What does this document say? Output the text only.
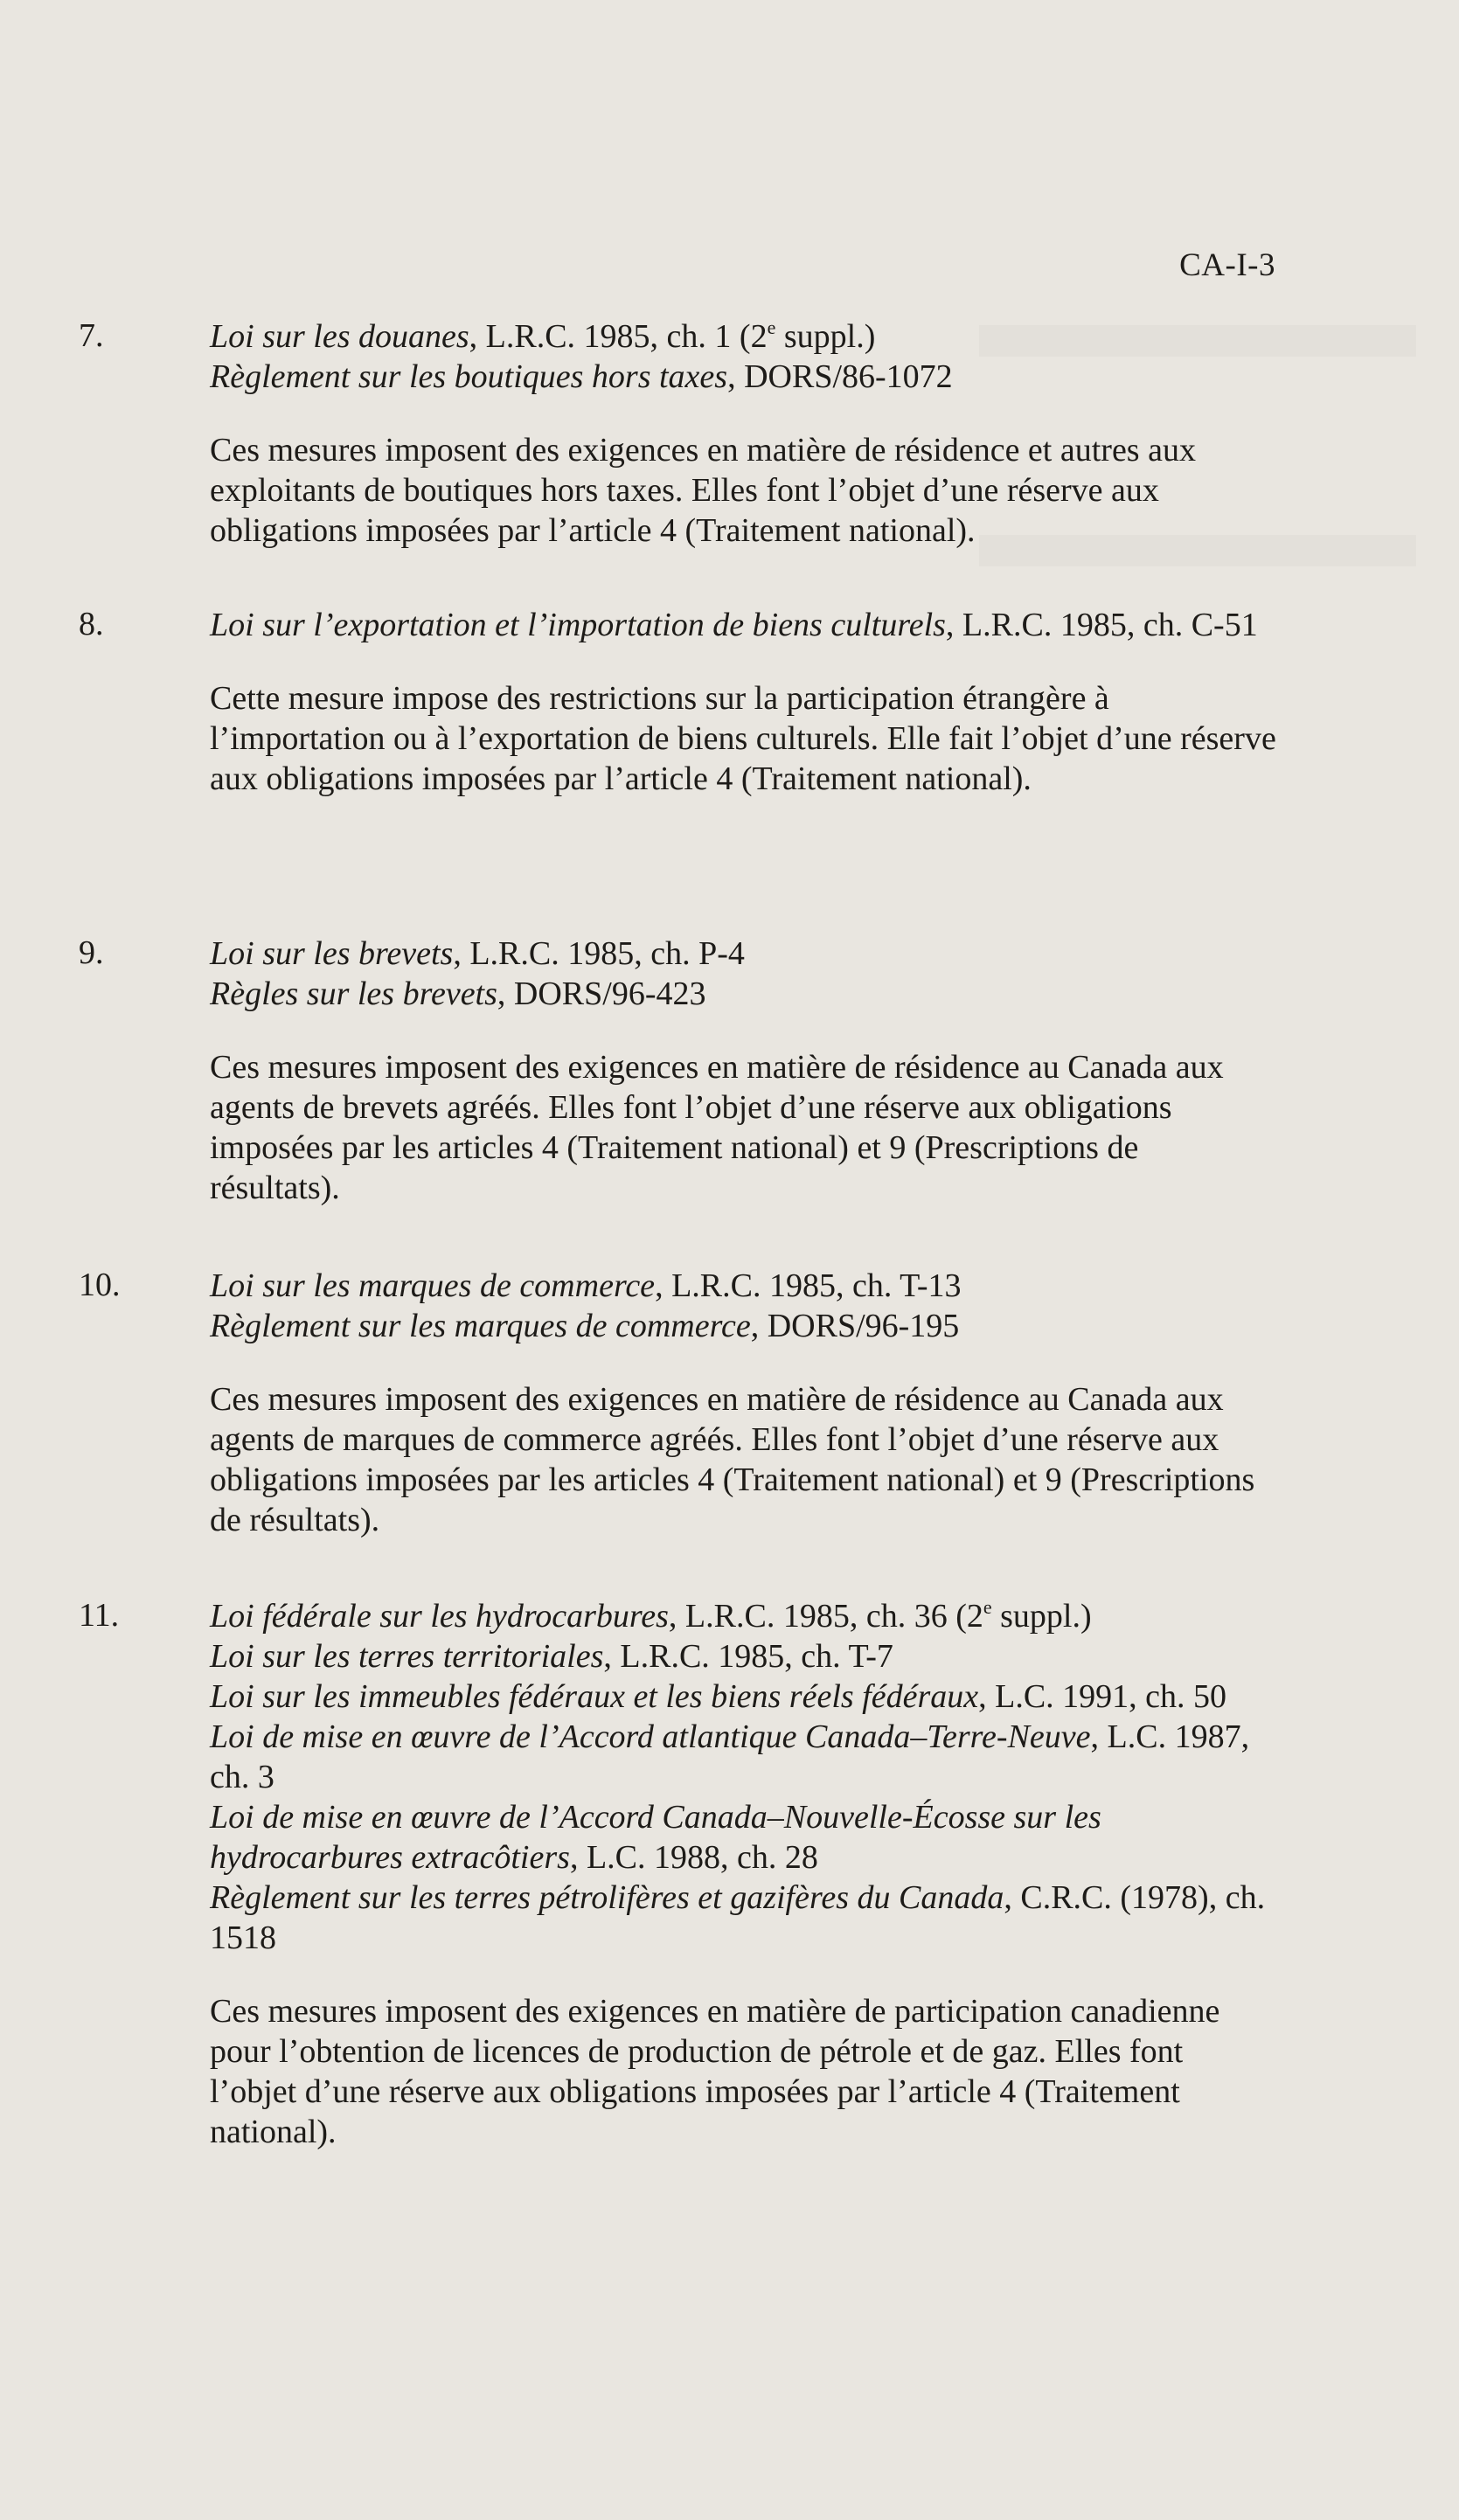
CA-I-3
7.	Loi sur les douanes, L.R.C. 1985, ch. 1 (2e suppl.)
Règlement sur les boutiques hors taxes, DORS/86-1072
Ces mesures imposent des exigences en matière de résidence et autres aux exploitants de boutiques hors taxes. Elles font l’objet d’une réserve aux obligations imposées par l’article 4 (Traitement national).
8.	Loi sur l’exportation et l’importation de biens culturels, L.R.C. 1985, ch. C-51
Cette mesure impose des restrictions sur la participation étrangère à l’importation ou à l’exportation de biens culturels. Elle fait l’objet d’une réserve aux obligations imposées par l’article 4 (Traitement national).
9.	Loi sur les brevets, L.R.C. 1985, ch. P-4
Règles sur les brevets, DORS/96-423
Ces mesures imposent des exigences en matière de résidence au Canada aux agents de brevets agréés. Elles font l’objet d’une réserve aux obligations imposées par les articles 4 (Traitement national) et 9 (Prescriptions de résultats).
10.	Loi sur les marques de commerce, L.R.C. 1985, ch. T-13
Règlement sur les marques de commerce, DORS/96-195
Ces mesures imposent des exigences en matière de résidence au Canada aux agents de marques de commerce agréés. Elles font l’objet d’une réserve aux obligations imposées par les articles 4 (Traitement national) et 9 (Prescriptions de résultats).
11.	Loi fédérale sur les hydrocarbures, L.R.C. 1985, ch. 36 (2e suppl.)
Loi sur les terres territoriales, L.R.C. 1985, ch. T-7
Loi sur les immeubles fédéraux et les biens réels fédéraux, L.C. 1991, ch. 50
Loi de mise en œuvre de l’Accord atlantique Canada–Terre-Neuve, L.C. 1987, ch. 3
Loi de mise en œuvre de l’Accord Canada–Nouvelle-Écosse sur les hydrocarbures extracôtiers, L.C. 1988, ch. 28
Règlement sur les terres pétrolifères et gazifères du Canada, C.R.C. (1978), ch. 1518
Ces mesures imposent des exigences en matière de participation canadienne pour l’obtention de licences de production de pétrole et de gaz. Elles font l’objet d’une réserve aux obligations imposées par l’article 4 (Traitement national).
